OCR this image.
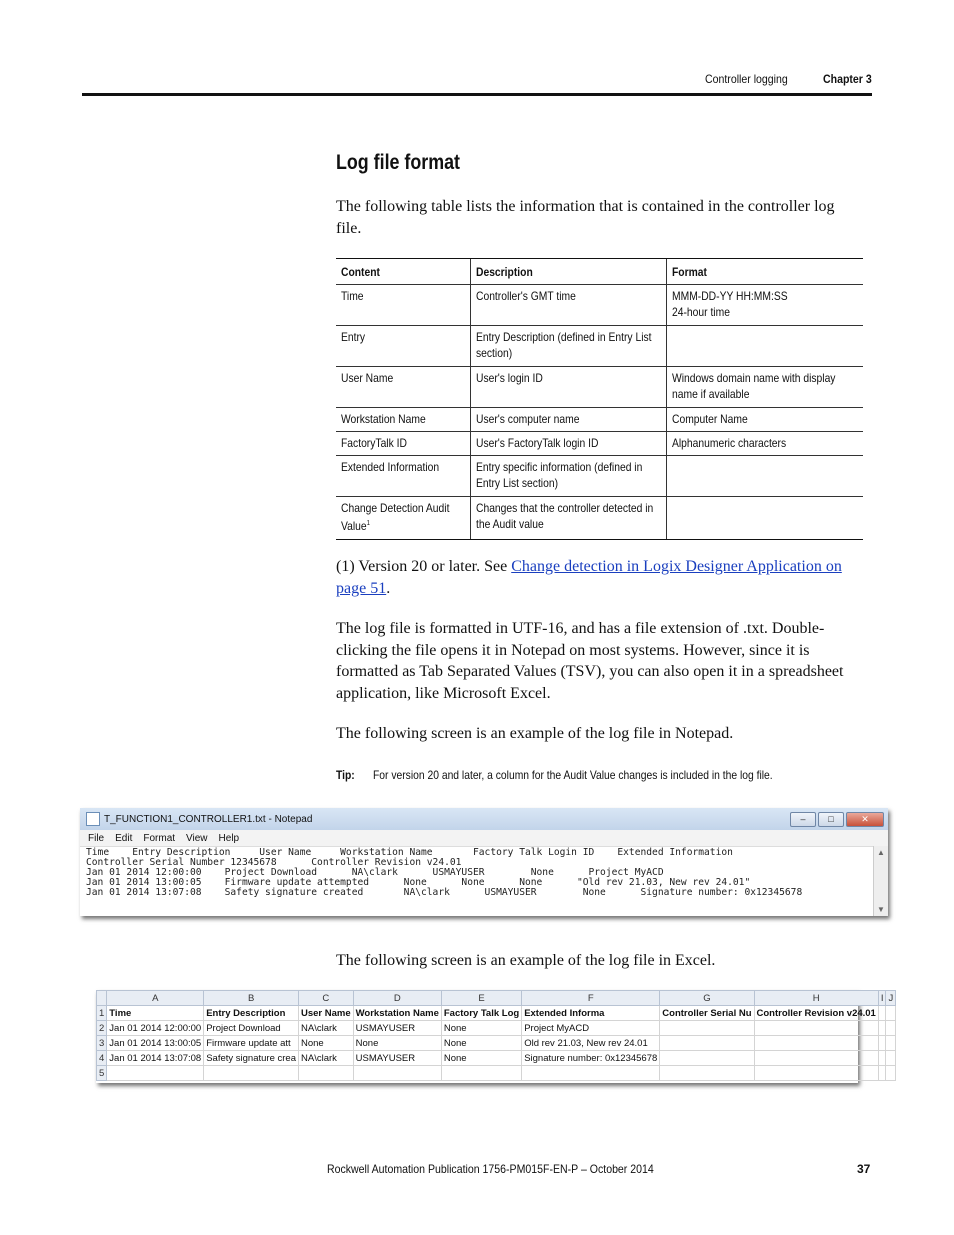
Controller logging	Chapter 3
Log file format
The following table lists the information that is contained in the controller log file.
Content	Description	Format

Time	Controller's GMT time	MMM-DD-YY HH:MM:SS
24-hour time

Entry	Entry Description (defined in Entry List section)	

User Name	User's login ID	Windows domain name with display name if available

Workstation Name	User's computer name	Computer Name

FactoryTalk ID	User's FactoryTalk login ID	Alphanumeric characters

Extended Information	Entry specific information (defined in Entry List section)	

Change Detection Audit Value$^1$	Changes that the controller detected in the Audit value	

(1) Version 20 or later. See Change detection in Logix Designer Application on page 51.
The log file is formatted in UTF-16, and has a file extension of .txt. Double-clicking the file opens it in Notepad on most systems. However, since it is formatted as Tab Separated Values (TSV), you can also open it in a spreadsheet application, like Microsoft Excel.
The following screen is an example of the log file in Notepad.
Tip: For version 20 and later, a column for the Audit Value changes is included in the log file.
T_FUNCTION1_CONTROLLER1.txt - Notepad	–	□	✕
File Edit Format View Help
Time    Entry Description     User Name     Workstation Name       Factory Talk Login ID    Extended Information
Controller Serial Number 12345678      Controller Revision v24.01
Jan 01 2014 12:00:00    Project Download      NA\clark      USMAYUSER        None      Project MyACD
Jan 01 2014 13:00:05    Firmware update attempted      None      None      None      "Old rev 21.03, New rev 24.01"
Jan 01 2014 13:07:08    Safety signature created       NA\clark      USMAYUSER        None      Signature number: 0x12345678
▲
▼
The following screen is an example of the log file in Excel.
	A	B	C	D	E	F	G	H	I	J
1	Time	Entry Description	User Name	Workstation Name	Factory Talk Log	Extended Informa	Controller Serial Nu	Controller Revision v24.01		
2	Jan 01 2014 12:00:00	Project Download	NA\clark	USMAYUSER	None	Project MyACD				
3	Jan 01 2014 13:00:05	Firmware update att	None	None	None	Old rev 21.03, New rev 24.01				
4	Jan 01 2014 13:07:08	Safety signature crea	NA\clark	USMAYUSER	None	Signature number: 0x12345678				
5										
Rockwell Automation Publication 1756-PM015F-EN-P – October 2014	37
